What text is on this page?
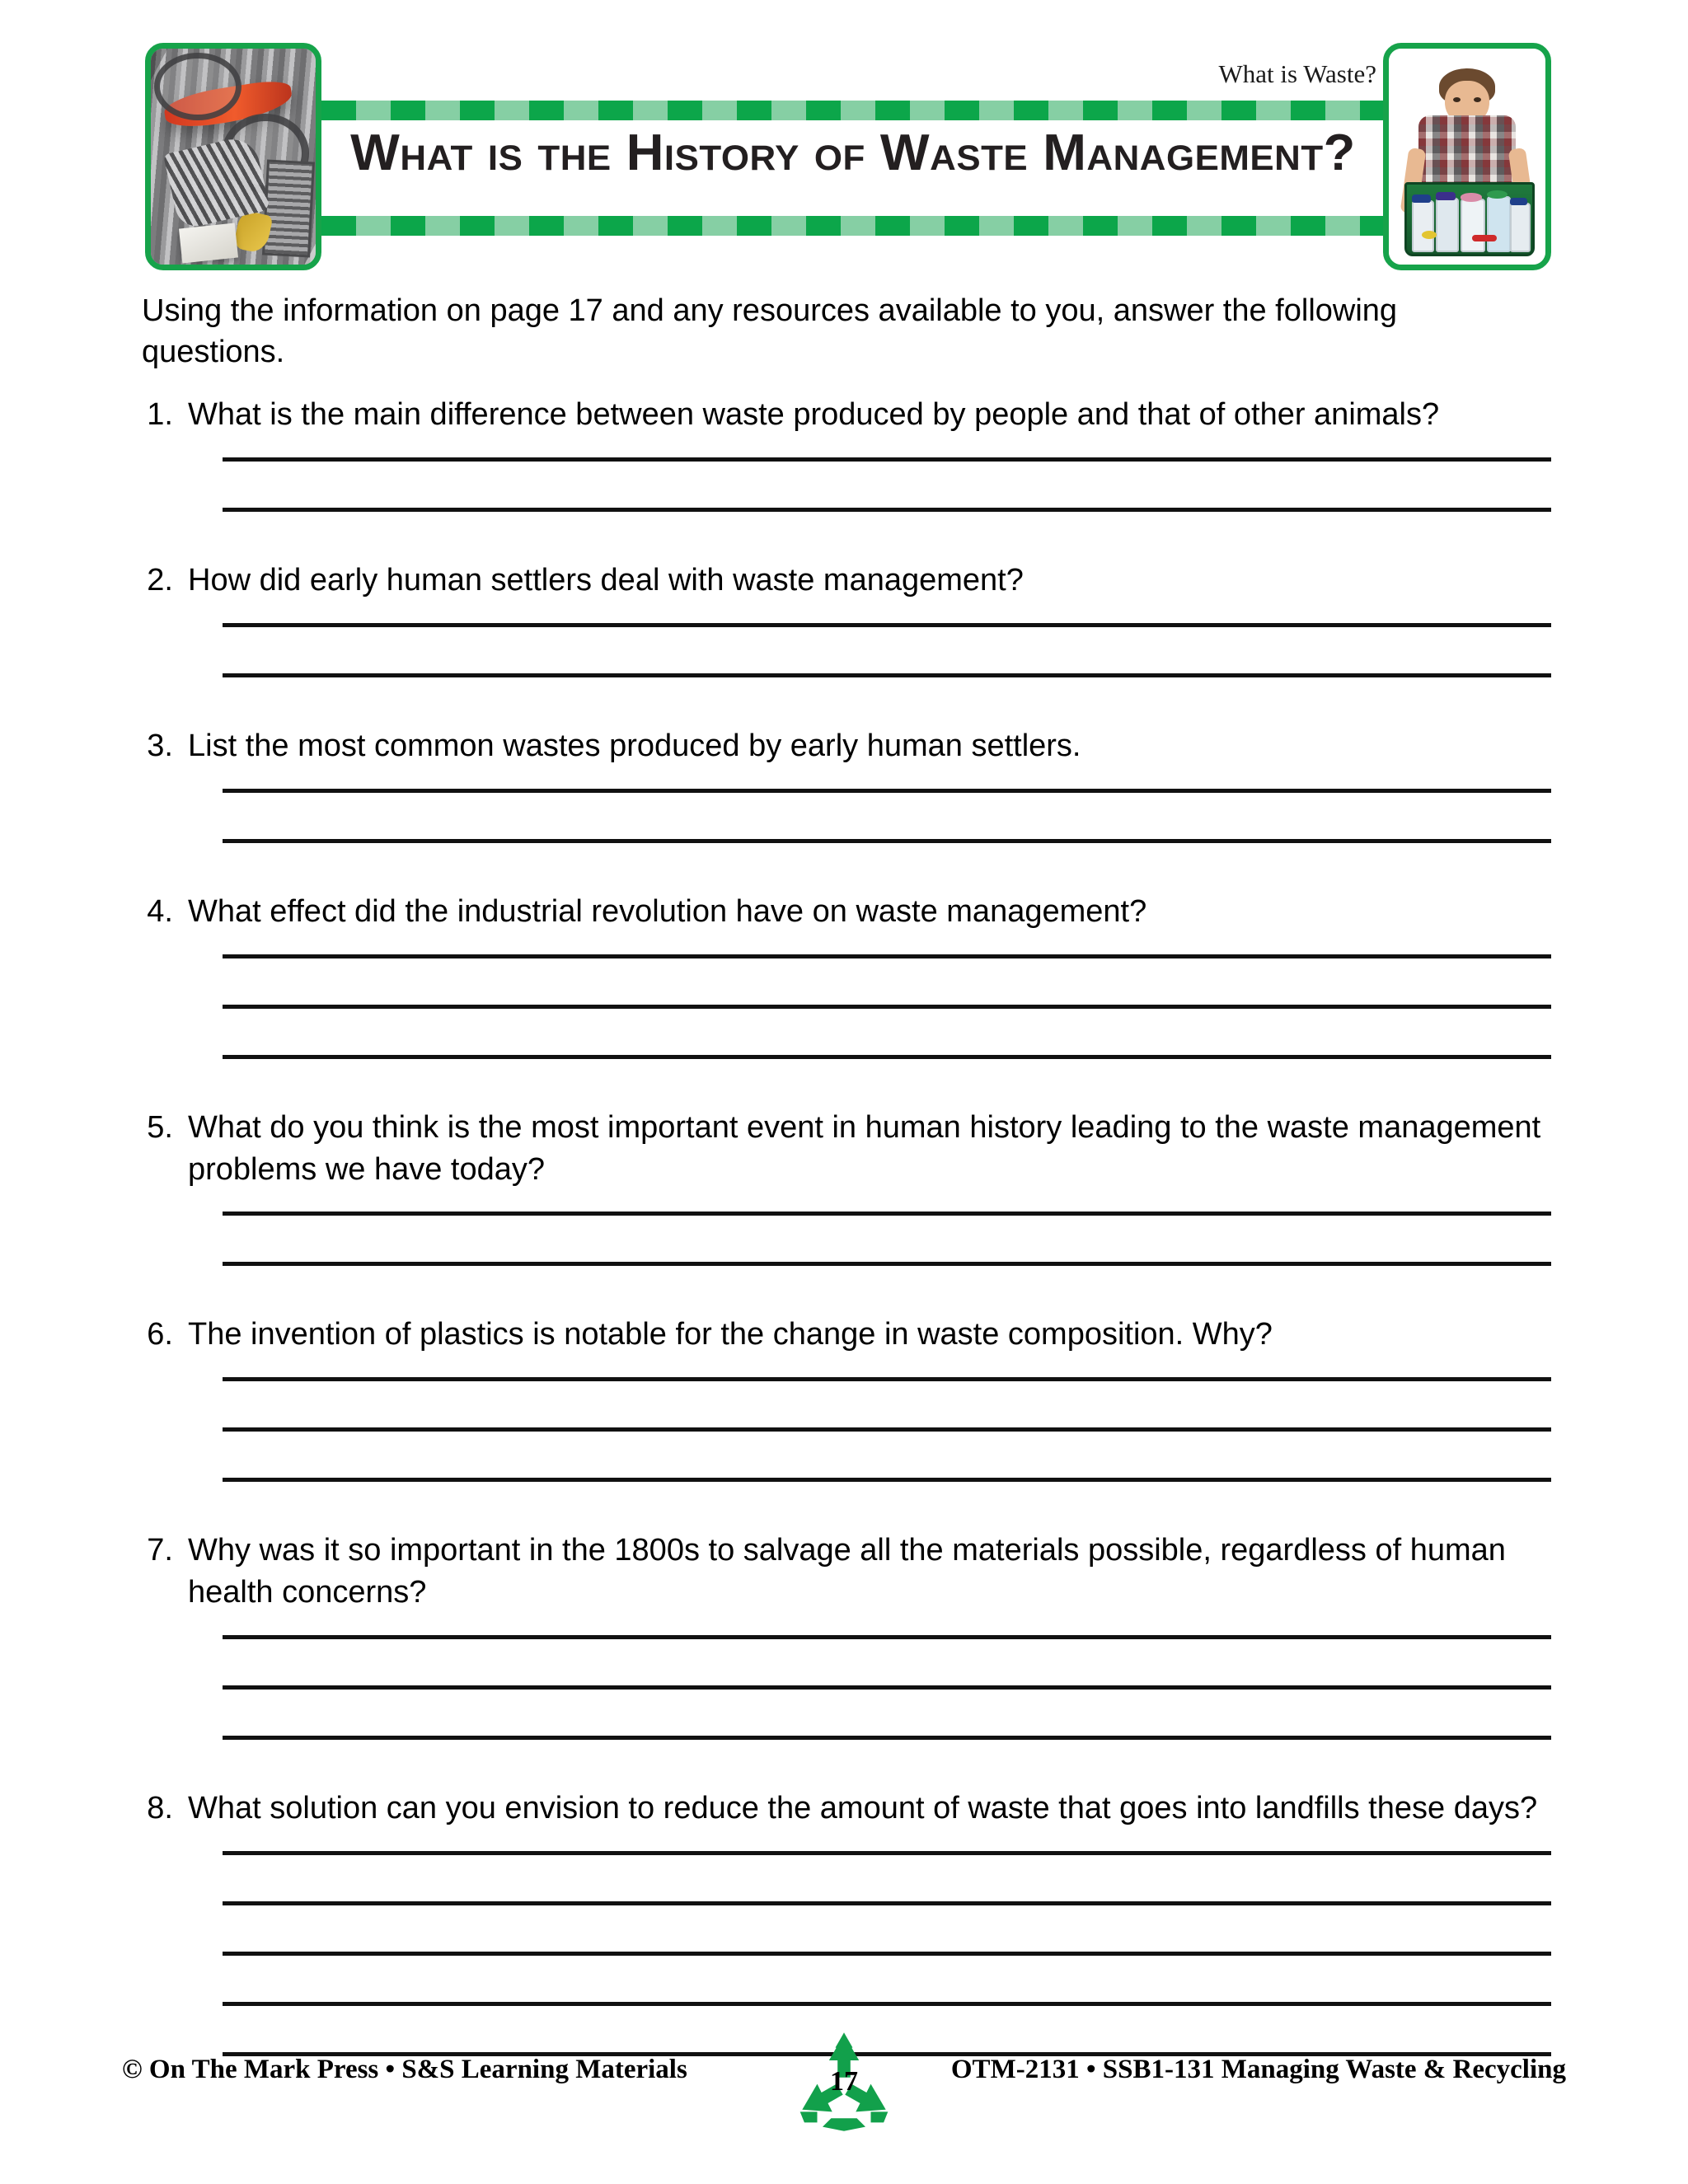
What is Waste?
What is the History of Waste Management?
Using the information on page 17 and any resources available to you, answer the following questions.
1. What is the main difference between waste produced by people and that of other animals?
2. How did early human settlers deal with waste management?
3. List the most common wastes produced by early human settlers.
4. What effect did the industrial revolution have on waste management?
5. What do you think is the most important event in human history leading to the waste management problems we have today?
6. The invention of plastics is notable for the change in waste composition. Why?
7. Why was it so important in the 1800s to salvage all the materials possible, regardless of human health concerns?
8. What solution can you envision to reduce the amount of waste that goes into landfills these days?
© On The Mark Press • S&S Learning Materials	17	OTM-2131 • SSB1-131 Managing Waste & Recycling
